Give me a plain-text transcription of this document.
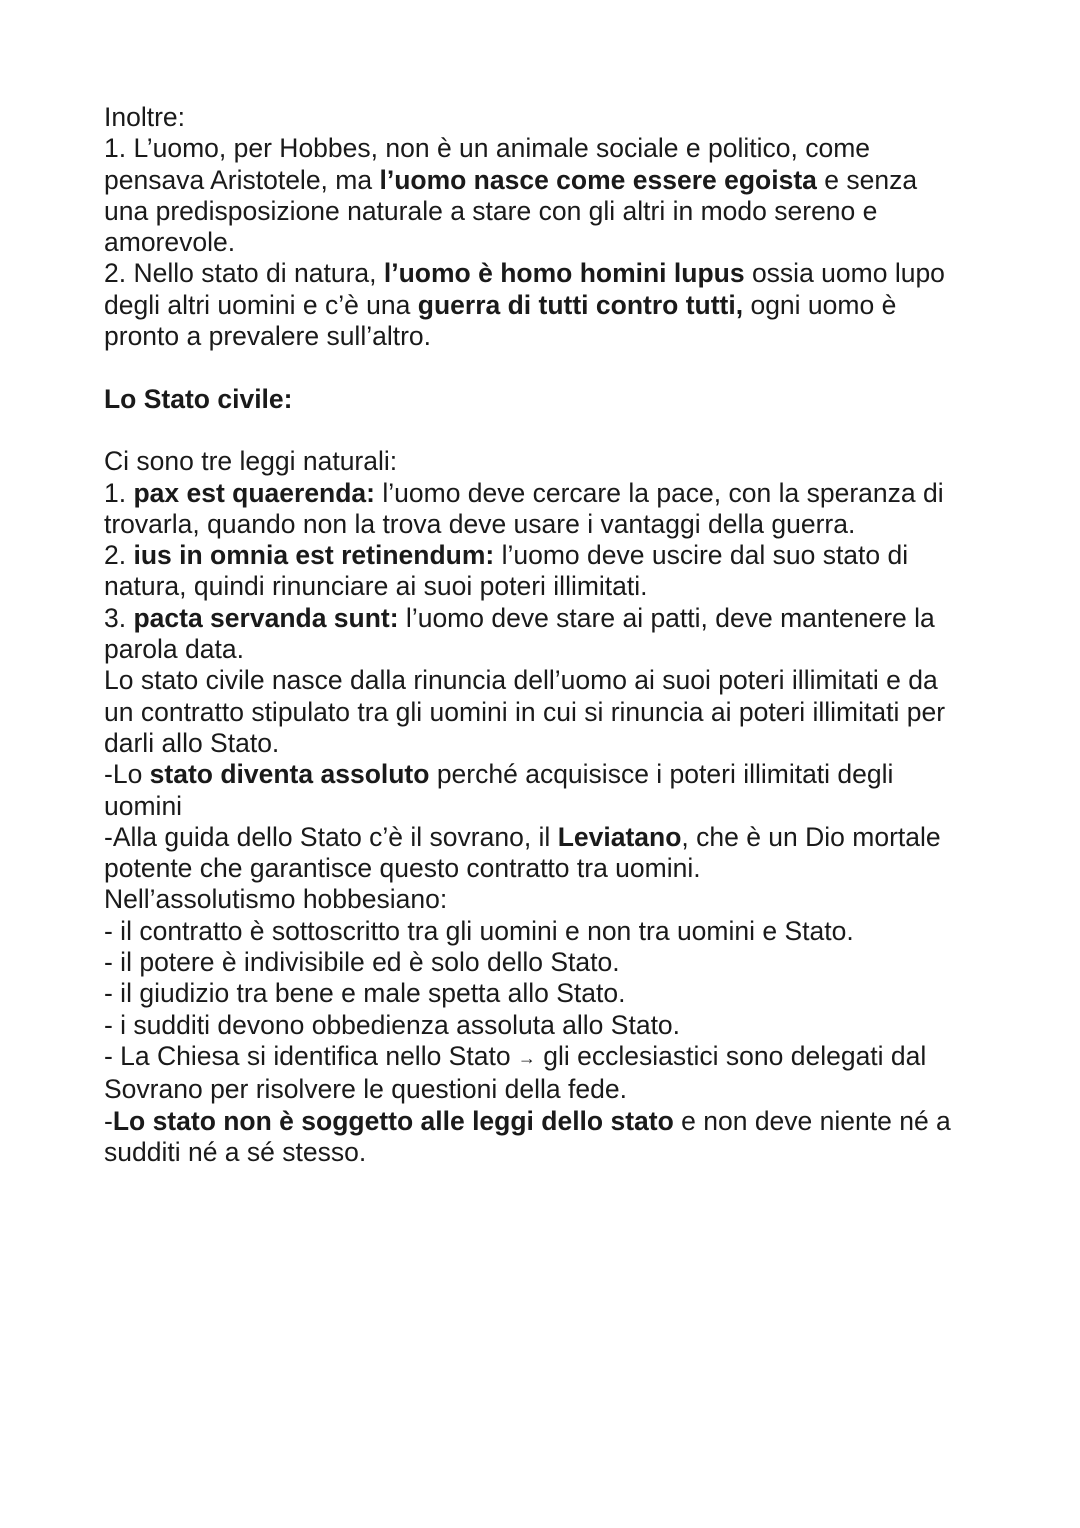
Inoltre:

1. L’uomo, per Hobbes, non è un animale sociale e politico, come

pensava Aristotele, ma l’uomo nasce come essere egoista e senza

una predisposizione naturale a stare con gli altri in modo sereno e

amorevole.

2. Nello stato di natura, l’uomo è homo homini lupus ossia uomo lupo

degli altri uomini e c’è una guerra di tutti contro tutti, ogni uomo è

pronto a prevalere sull’altro.

Lo Stato civile:

Ci sono tre leggi naturali:

1. pax est quaerenda: l’uomo deve cercare la pace, con la speranza di

trovarla, quando non la trova deve usare i vantaggi della guerra.

2. ius in omnia est retinendum: l’uomo deve uscire dal suo stato di

natura, quindi rinunciare ai suoi poteri illimitati.

3. pacta servanda sunt: l’uomo deve stare ai patti, deve mantenere la

parola data.

Lo stato civile nasce dalla rinuncia dell’uomo ai suoi poteri illimitati e da

un contratto stipulato tra gli uomini in cui si rinuncia ai poteri illimitati per

darli allo Stato.

-Lo stato diventa assoluto perché acquisisce i poteri illimitati degli

uomini

-Alla guida dello Stato c’è il sovrano, il Leviatano, che è un Dio mortale

potente che garantisce questo contratto tra uomini.

Nell’assolutismo hobbesiano:

- il contratto è sottoscritto tra gli uomini e non tra uomini e Stato.

- il potere è indivisibile ed è solo dello Stato.

- il giudizio tra bene e male spetta allo Stato.

- i sudditi devono obbedienza assoluta allo Stato.

- La Chiesa si identifica nello Stato → gli ecclesiastici sono delegati dal

Sovrano per risolvere le questioni della fede.

-Lo stato non è soggetto alle leggi dello stato e non deve niente né a

sudditi né a sé stesso.
